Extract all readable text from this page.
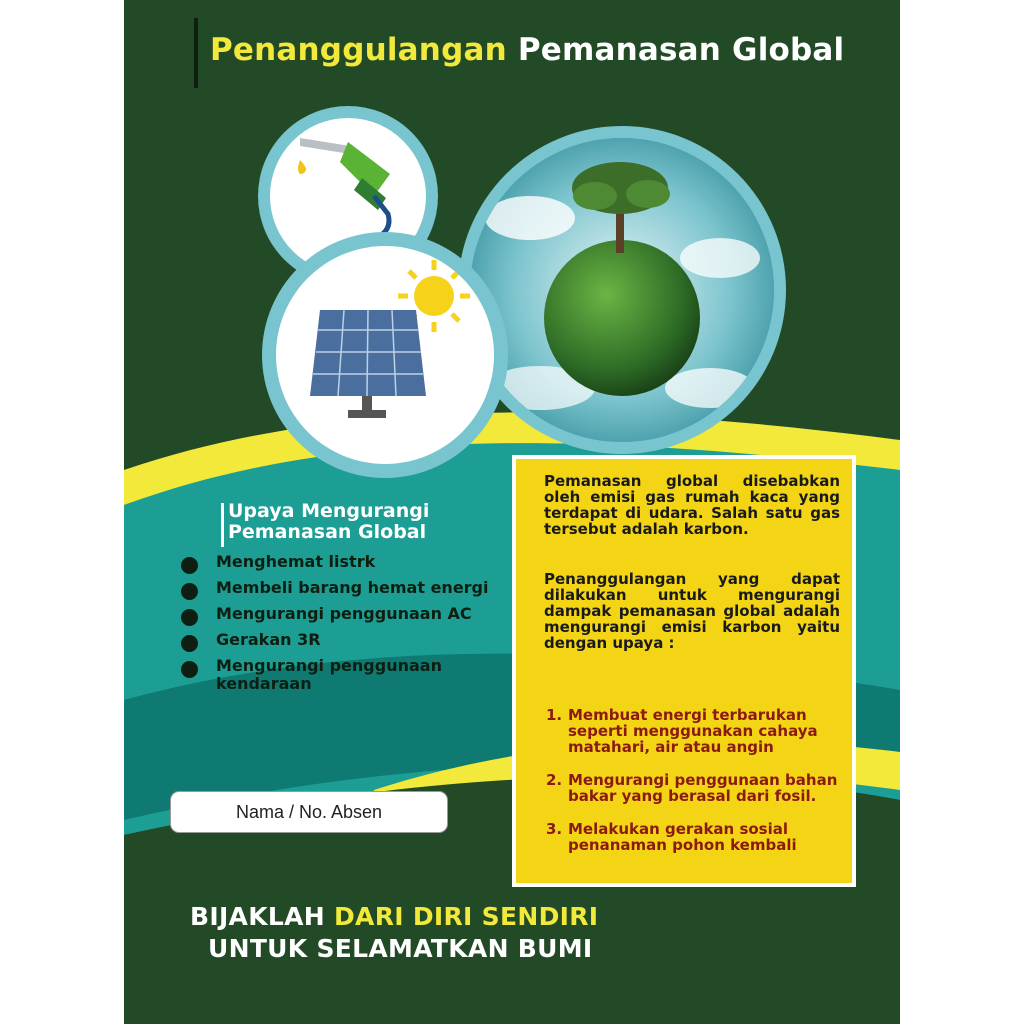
Penanggulangan Pemanasan Global
Upaya Mengurangi Pemanasan Global
Menghemat listrk
Membeli barang hemat energi
Mengurangi penggunaan AC
Gerakan 3R
Mengurangi penggunaan kendaraan
Pemanasan global disebabkan oleh emisi gas rumah kaca yang terdapat di udara. Salah satu gas tersebut adalah karbon.
Penanggulangan yang dapat dilakukan untuk mengurangi dampak pemanasan global adalah mengurangi emisi karbon yaitu dengan upaya :
1. Membuat energi terbarukan seperti menggunakan cahaya matahari, air atau angin
2. Mengurangi penggunaan bahan bakar yang berasal dari fosil.
3. Melakukan gerakan sosial penanaman pohon kembali
Nama / No. Absen
BIJAKLAH DARI DIRI SENDIRI
UNTUK SELAMATKAN BUMI
